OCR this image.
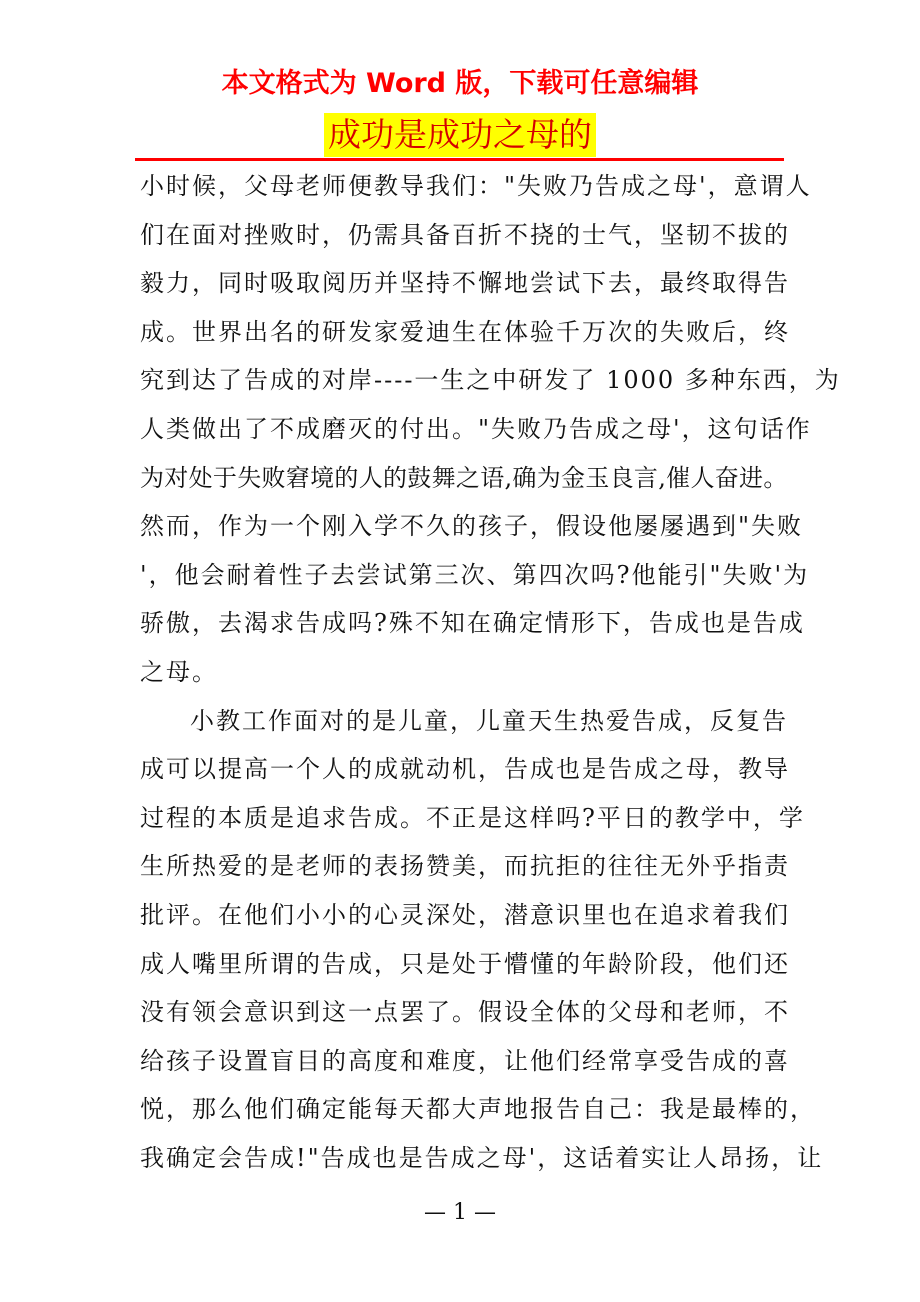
本文格式为 Word 版，下载可任意编辑
成功是成功之母的
小时候，父母老师便教导我们："失败乃告成之母'，意谓人
们在面对挫败时，仍需具备百折不挠的士气，坚韧不拔的
毅力，同时吸取阅历并坚持不懈地尝试下去，最终取得告
成。世界出名的研发家爱迪生在体验千万次的失败后，终
究到达了告成的对岸----一生之中研发了 1000 多种东西，为
人类做出了不成磨灭的付出。"失败乃告成之母'，这句话作
为对处于失败窘境的人的鼓舞之语,确为金玉良言,催人奋进。
然而，作为一个刚入学不久的孩子，假设他屡屡遇到"失败
'，他会耐着性子去尝试第三次、第四次吗?他能引"失败'为
骄傲，去渴求告成吗?殊不知在确定情形下，告成也是告成
之母。
小教工作面对的是儿童，儿童天生热爱告成，反复告
成可以提高一个人的成就动机，告成也是告成之母，教导
过程的本质是追求告成。不正是这样吗?平日的教学中，学
生所热爱的是老师的表扬赞美，而抗拒的往往无外乎指责
批评。在他们小小的心灵深处，潜意识里也在追求着我们
成人嘴里所谓的告成，只是处于懵懂的年龄阶段，他们还
没有领会意识到这一点罢了。假设全体的父母和老师，不
给孩子设置盲目的高度和难度，让他们经常享受告成的喜
悦，那么他们确定能每天都大声地报告自己：我是最棒的，
我确定会告成!"告成也是告成之母'，这话着实让人昂扬，让
— 1 —
